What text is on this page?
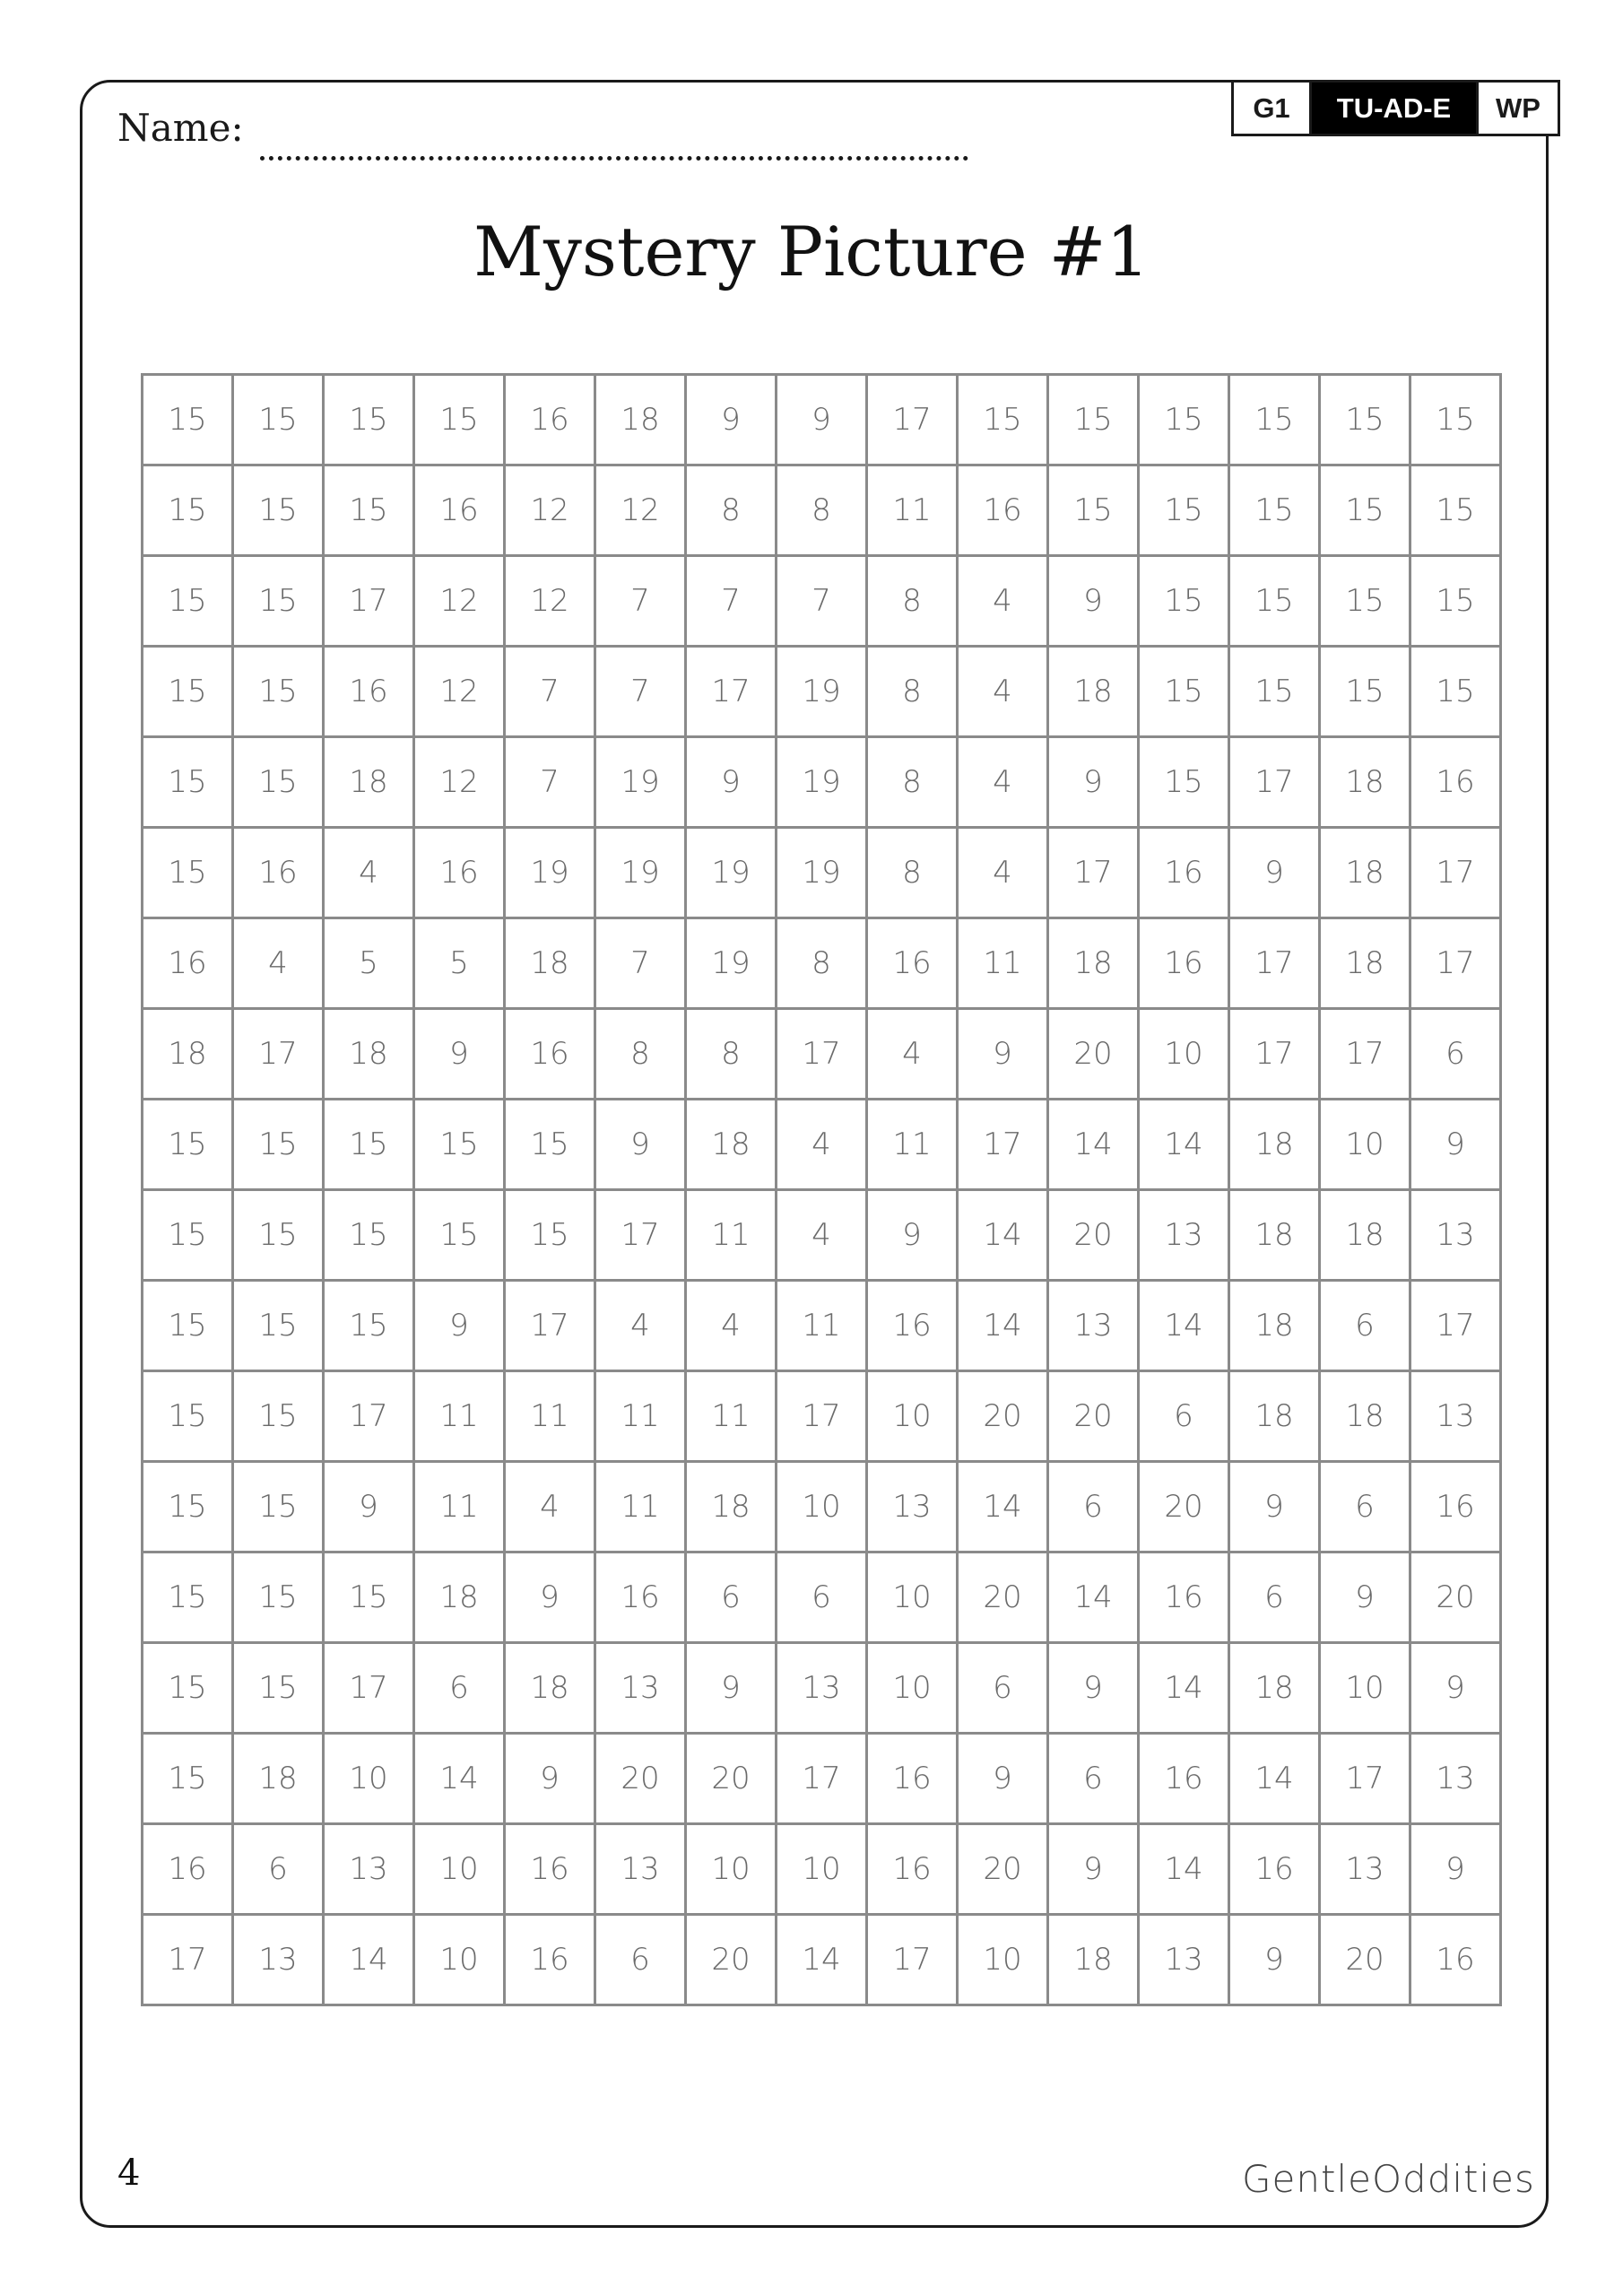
G1	TU-AD-E	WP
Name:
Mystery Picture #1
15	15	15	15	16	18	9	9	17	15	15	15	15	15	15
15	15	15	16	12	12	8	8	11	16	15	15	15	15	15
15	15	17	12	12	7	7	7	8	4	9	15	15	15	15
15	15	16	12	7	7	17	19	8	4	18	15	15	15	15
15	15	18	12	7	19	9	19	8	4	9	15	17	18	16
15	16	4	16	19	19	19	19	8	4	17	16	9	18	17
16	4	5	5	18	7	19	8	16	11	18	16	17	18	17
18	17	18	9	16	8	8	17	4	9	20	10	17	17	6
15	15	15	15	15	9	18	4	11	17	14	14	18	10	9
15	15	15	15	15	17	11	4	9	14	20	13	18	18	13
15	15	15	9	17	4	4	11	16	14	13	14	18	6	17
15	15	17	11	11	11	11	17	10	20	20	6	18	18	13
15	15	9	11	4	11	18	10	13	14	6	20	9	6	16
15	15	15	18	9	16	6	6	10	20	14	16	6	9	20
15	15	17	6	18	13	9	13	10	6	9	14	18	10	9
15	18	10	14	9	20	20	17	16	9	6	16	14	17	13
16	6	13	10	16	13	10	10	16	20	9	14	16	13	9
17	13	14	10	16	6	20	14	17	10	18	13	9	20	16
4	GentleOddities
